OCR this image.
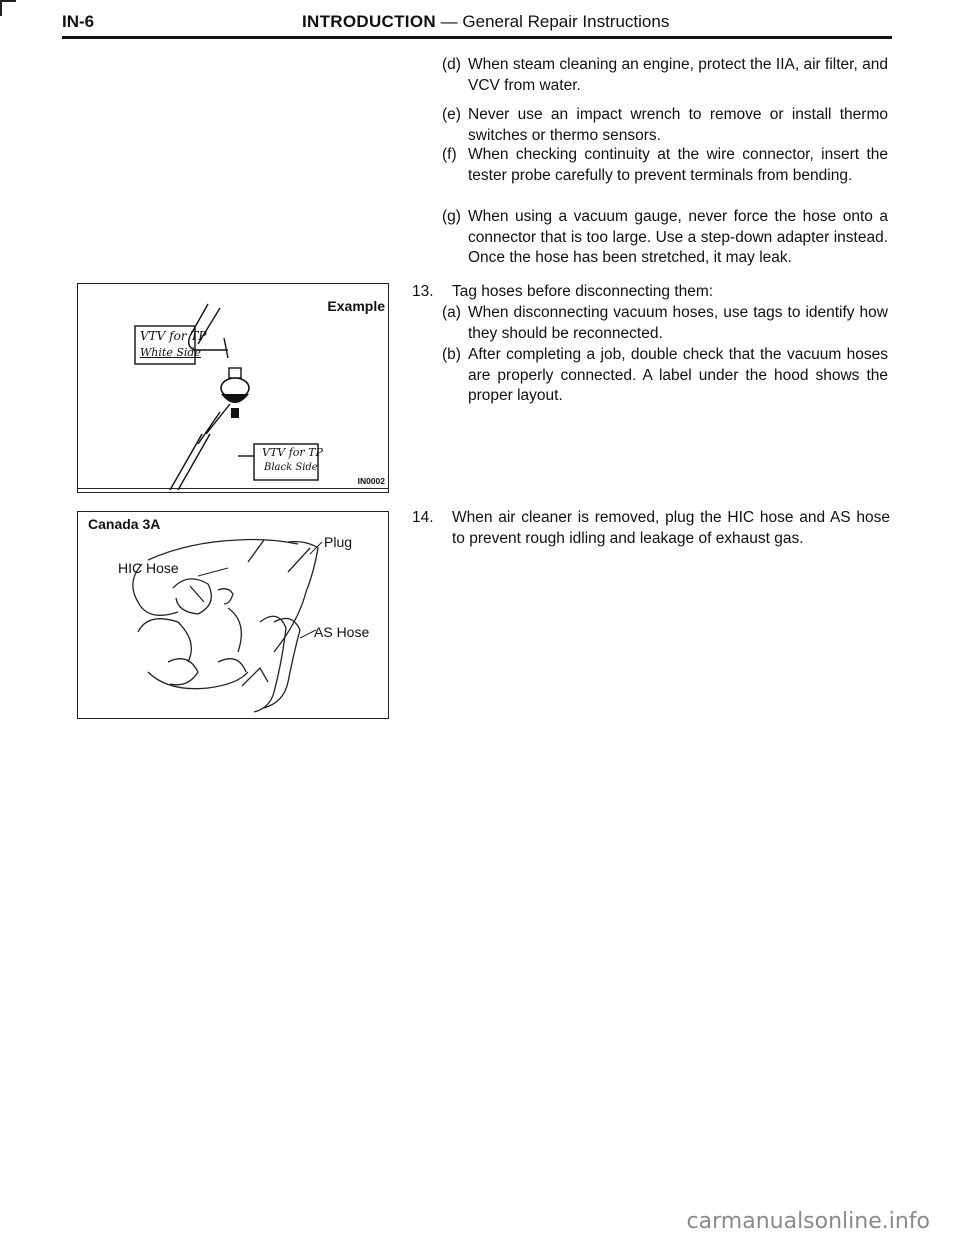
IN-6	INTRODUCTION — General Repair Instructions
(d) When steam cleaning an engine, protect the IIA, air filter, and VCV from water.
(e) Never use an impact wrench to remove or install thermo switches or thermo sensors.
(f) When checking continuity at the wire connector, insert the tester probe carefully to prevent terminals from bending.
(g) When using a vacuum gauge, never force the hose onto a connector that is too large. Use a step-down adapter instead. Once the hose has been stretched, it may leak.
13. Tag hoses before disconnecting them:
(a) When disconnecting vacuum hoses, use tags to identify how they should be reconnected.
(b) After completing a job, double check that the vacuum hoses are properly connected. A label under the hood shows the proper layout.
14. When air cleaner is removed, plug the HIC hose and AS hose to prevent rough idling and leakage of exhaust gas.
Example
VTV for TP
White Side
VTV for TP
Black Side
IN0002
Canada 3A
Plug
HIC Hose
AS Hose
carmanualsonline.info
